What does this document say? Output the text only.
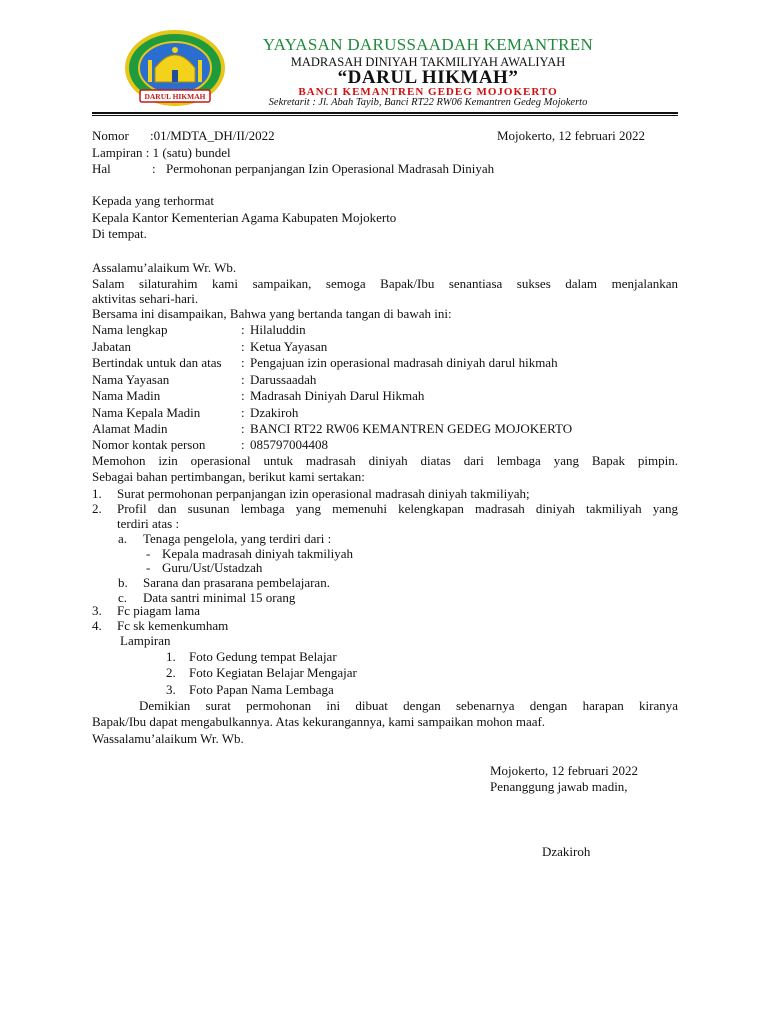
DARUL HIKMAH
YAYASAN DARUSSAADAH KEMANTREN
MADRASAH DINIYAH TAKMILIYAH AWALIYAH
“DARUL HIKMAH”
BANCI KEMANTREN GEDEG MOJOKERTO
Sekretarit : Jl. Abah Tayib, Banci RT22 RW06 Kemantren Gedeg Mojokerto
Nomor :01/MDTA_DH/II/2022	Mojokerto, 12 februari 2022
Lampiran : 1 (satu) bundel
Hal	: Permohonan perpanjangan Izin Operasional Madrasah Diniyah
Kepada yang terhormat
Kepala Kantor Kementerian Agama Kabupaten Mojokerto
Di tempat.
Assalamu’alaikum Wr. Wb.
Salam silaturahim kami sampaikan, semoga Bapak/Ibu senantiasa sukses dalam menjalankan
aktivitas sehari-hari.
Bersama ini disampaikan, Bahwa yang bertanda tangan di bawah ini:
Nama lengkap	: Hilaluddin
Jabatan	: Ketua Yayasan
Bertindak untuk dan atas : Pengajuan izin operasional madrasah diniyah darul hikmah
Nama Yayasan	: Darussaadah
Nama Madin	: Madrasah Diniyah Darul Hikmah
Nama Kepala Madin	: Dzakiroh
Alamat Madin	: BANCI RT22 RW06 KEMANTREN GEDEG MOJOKERTO
Nomor kontak person	: 085797004408
Memohon izin operasional untuk madrasah diniyah diatas dari lembaga yang Bapak pimpin.
Sebagai bahan pertimbangan, berikut kami sertakan:
1. Surat permohonan perpanjangan izin operasional madrasah diniyah takmiliyah;
2. Profil dan susunan lembaga yang memenuhi kelengkapan madrasah diniyah takmiliyah yang
terdiri atas :
a. Tenaga pengelola, yang terdiri dari :
- Kepala madrasah diniyah takmiliyah
- Guru/Ust/Ustadzah
b. Sarana dan prasarana pembelajaran.
c. Data santri minimal 15 orang
3. Fc piagam lama
4. Fc sk kemenkumham
Lampiran
1. Foto Gedung tempat Belajar
2. Foto Kegiatan Belajar Mengajar
3. Foto Papan Nama Lembaga
Demikian surat permohonan ini dibuat dengan sebenarnya dengan harapan kiranya
Bapak/Ibu dapat mengabulkannya. Atas kekurangannya, kami sampaikan mohon maaf.
Wassalamu’alaikum Wr. Wb.
Mojokerto, 12 februari 2022
Penanggung jawab madin,
Dzakiroh
